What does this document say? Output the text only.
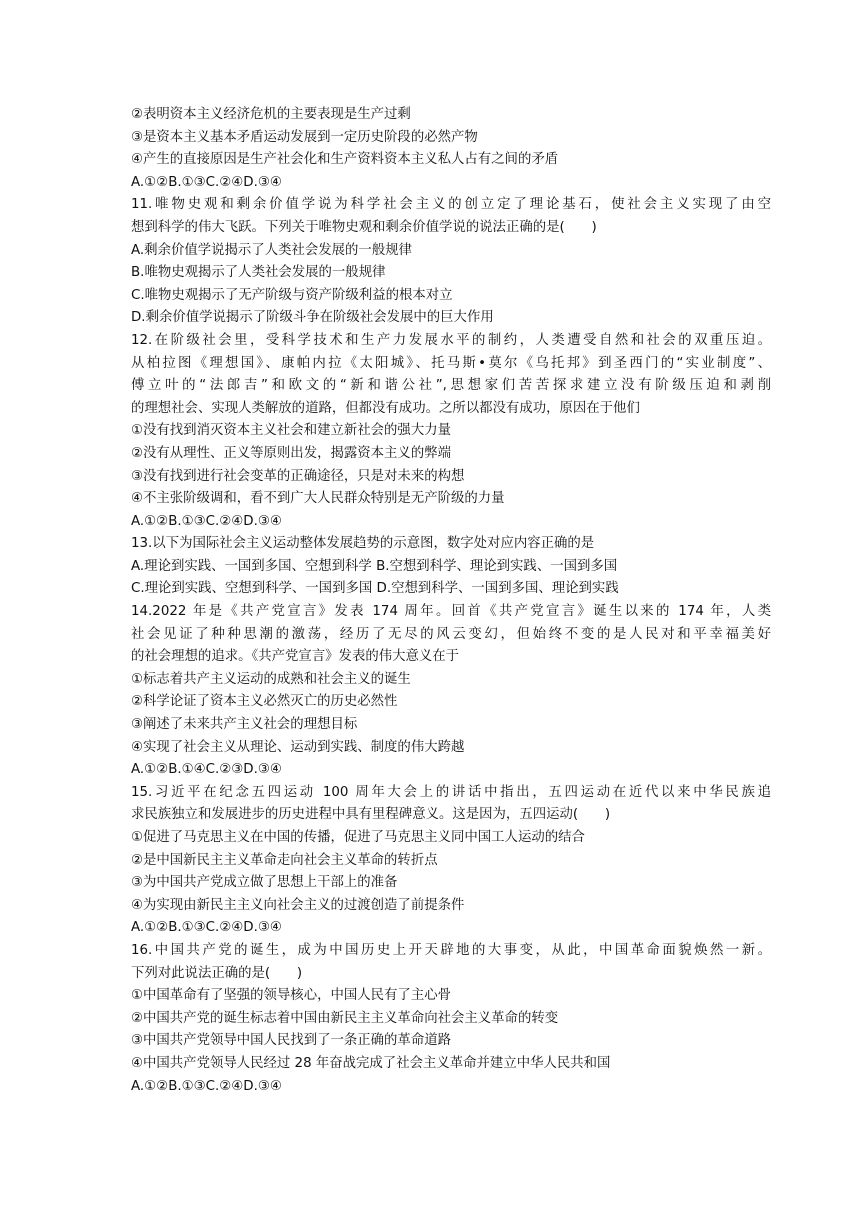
②表明资本主义经济危机的主要表现是生产过剩
③是资本主义基本矛盾运动发展到一定历史阶段的必然产物
④产生的直接原因是生产社会化和生产资料资本主义私人占有之间的矛盾
A.①②B.①③C.②④D.③④
11.唯物史观和剩余价值学说为科学社会主义的创立定了理论基石，使社会主义实现了由空
想到科学的伟大飞跃。下列关于唯物史观和剩余价值学说的说法正确的是(　　)
A.剩余价值学说揭示了人类社会发展的一般规律
B.唯物史观揭示了人类社会发展的一般规律
C.唯物史观揭示了无产阶级与资产阶级利益的根本对立
D.剩余价值学说揭示了阶级斗争在阶级社会发展中的巨大作用
12.在阶级社会里，受科学技术和生产力发展水平的制约，人类遭受自然和社会的双重压迫。
从柏拉图《理想国》、康帕内拉《太阳城》、托马斯•莫尔《乌托邦》到圣西门的“实业制度”、
傅立叶的“法郎吉”和欧文的“新和谐公社”,思想家们苦苦探求建立没有阶级压迫和剥削
的理想社会、实现人类解放的道路，但都没有成功。之所以都没有成功，原因在于他们
①没有找到消灭资本主义社会和建立新社会的强大力量
②没有从理性、正义等原则出发，揭露资本主义的弊端
③没有找到进行社会变革的正确途径，只是对未来的构想
④不主张阶级调和，看不到广大人民群众特别是无产阶级的力量
A.①②B.①③C.②④D.③④
13.以下为国际社会主义运动整体发展趋势的示意图，数字处对应内容正确的是
A.理论到实践、一国到多国、空想到科学 B.空想到科学、理论到实践、一国到多国
C.理论到实践、空想到科学、一国到多国 D.空想到科学、一国到多国、理论到实践
14.2022 年是《共产党宣言》发表 174 周年。回首《共产党宣言》诞生以来的 174 年，人类
社会见证了种种思潮的激荡，经历了无尽的风云变幻，但始终不变的是人民对和平幸福美好
的社会理想的追求。《共产党宣言》发表的伟大意义在于
①标志着共产主义运动的成熟和社会主义的诞生
②科学论证了资本主义必然灭亡的历史必然性
③阐述了未来共产主义社会的理想目标
④实现了社会主义从理论、运动到实践、制度的伟大跨越
A.①②B.①④C.②③D.③④
15.习近平在纪念五四运动 100 周年大会上的讲话中指出，五四运动在近代以来中华民族追
求民族独立和发展进步的历史进程中具有里程碑意义。这是因为，五四运动(　　)
①促进了马克思主义在中国的传播，促进了马克思主义同中国工人运动的结合
②是中国新民主主义革命走向社会主义革命的转折点
③为中国共产党成立做了思想上干部上的准备
④为实现由新民主主义向社会主义的过渡创造了前提条件
A.①②B.①③C.②④D.③④
16.中国共产党的诞生，成为中国历史上开天辟地的大事变，从此，中国革命面貌焕然一新。
下列对此说法正确的是(　　)
①中国革命有了坚强的领导核心，中国人民有了主心骨
②中国共产党的诞生标志着中国由新民主主义革命向社会主义革命的转变
③中国共产党领导中国人民找到了一条正确的革命道路
④中国共产党领导人民经过 28 年奋战完成了社会主义革命并建立中华人民共和国
A.①②B.①③C.②④D.③④
